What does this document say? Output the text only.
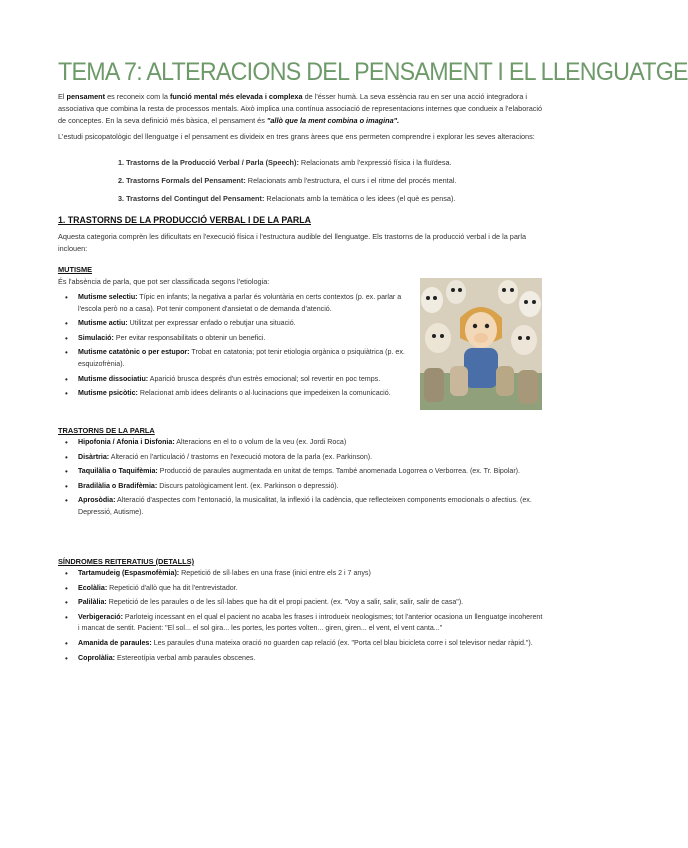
TEMA 7: ALTERACIONS DEL PENSAMENT I EL LLENGUATGE
El pensament es reconeix com la funció mental més elevada i complexa de l'ésser humà. La seva essència rau en ser una acció integradora i associativa que combina la resta de processos mentals. Això implica una contínua associació de representacions internes que condueix a l'elaboració de conceptes. En la seva definició més bàsica, el pensament és "allò que la ment combina o imagina".
L'estudi psicopatològic del llenguatge i el pensament es divideix en tres grans àrees que ens permeten comprendre i explorar les seves alteracions:
1. Trastorns de la Producció Verbal / Parla (Speech): Relacionats amb l'expressió física i la fluïdesa.
2. Trastorns Formals del Pensament: Relacionats amb l'estructura, el curs i el ritme del procés mental.
3. Trastorns del Contingut del Pensament: Relacionats amb la temàtica o les idees (el què es pensa).
1. TRASTORNS DE LA PRODUCCIÓ VERBAL I DE LA PARLA
Aquesta categoria comprèn les dificultats en l'execució física i l'estructura audible del llenguatge. Els trastorns de la producció verbal i de la parla inclouen:
MUTISME
És l'absència de parla, que pot ser classificada segons l'etiologia:
• Mutisme selectiu: Típic en infants; la negativa a parlar és voluntària en certs contextos (p. ex. parlar a l'escola però no a casa). Pot tenir component d'ansietat o de demanda d'atenció.
• Mutisme actiu: Utilitzat per expressar enfado o rebutjar una situació.
• Simulació: Per evitar responsabilitats o obtenir un benefici.
• Mutisme catatònic o per estupor: Trobat en catatonia; pot tenir etiologia orgànica o psiquiàtrica (p. ex. esquizofrènia).
• Mutisme dissociatiu: Aparició brusca després d'un estrès emocional; sol revertir en poc temps.
• Mutisme psicòtic: Relacionat amb idees delirants o al·lucinacions que impedeixen la comunicació.
TRASTORNS DE LA PARLA
• Hipofonia / Afonia i Disfonia: Alteracions en el to o volum de la veu (ex. Jordi Roca)
• Disàrtria: Alteració en l'articulació / trastorns en l'execució motora de la parla (ex. Parkinson).
• Taquilàlia o Taquifèmia: Producció de paraules augmentada en unitat de temps. També anomenada Logorrea o Verborrea. (ex. Tr. Bipolar).
• Bradilàlia o Bradifèmia: Discurs patològicament lent. (ex. Parkinson o depressió).
• Aprosòdia: Alteració d'aspectes com l'entonació, la musicalitat, la inflexió i la cadència, que reflecteixen components emocionals o afectius. (ex. Depressió, Autisme).
SÍNDROMES REITERATIUS (DETALLS)
• Tartamudeig (Espasmofèmia): Repetició de síl·labes en una frase (inici entre els 2 i 7 anys)
• Ecolàlia: Repetició d'allò que ha dit l'entrevistador.
• Palilàlia: Repetició de les paraules o de les síl·labes que ha dit el propi pacient. (ex. "Voy a salir, salir, salir, salir de casa").
• Verbigeració: Parloteig incessant en el qual el pacient no acaba les frases i introdueix neologismes; tot l'anterior ocasiona un llenguatge incoherent i mancat de sentit. Pacient: "El sol... el sol gira... les portes, les portes volten... giren, giren... el vent, el vent canta..."
• Amanida de paraules: Les paraules d'una mateixa oració no guarden cap relació (ex. "Porta cel blau bicicleta corre i sol televisor nedar ràpid.").
• Coprolàlia: Estereotípia verbal amb paraules obscenes.
